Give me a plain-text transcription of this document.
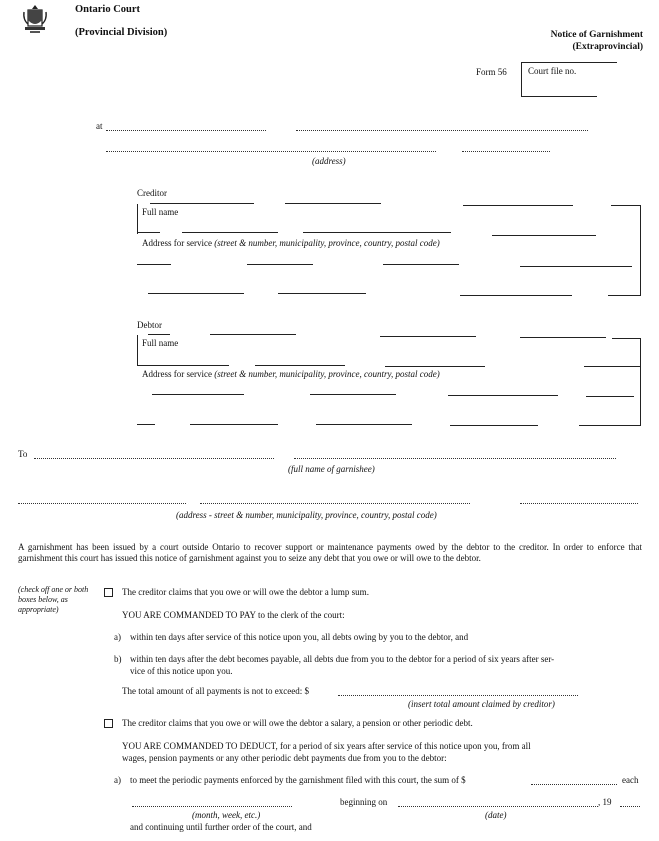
Ontario Court
(Provincial Division)	Notice of Garnishment
(Extraprovincial)
Form 56 Court file no.
at
(address)
Creditor
Full name
Address for service (street & number, municipality, province, country, postal code)
Debtor
Full name
Address for service (street & number, municipality, province, country, postal code)
To
(full name of garnishee)
(address - street & number, municipality, province, country, postal code)
A garnishment has been issued by a court outside Ontario to recover support or maintenance payments owed by the debtor to the creditor. In order to enforce that garnishment this court has issued this notice of garnishment against you to seize any debt that you owe or will owe to the debtor.
(check off one or both boxes below, as appropriate)
The creditor claims that you owe or will owe the debtor a lump sum.
YOU ARE COMMANDED TO PAY to the clerk of the court:
a) within ten days after service of this notice upon you, all debts owing by you to the debtor, and
b) within ten days after the debt becomes payable, all debts due from you to the debtor for a period of six years after ser-
vice of this notice upon you.
The total amount of all payments is not to exceed: $
(insert total amount claimed by creditor)
The creditor claims that you owe or will owe the debtor a salary, a pension or other periodic debt.
YOU ARE COMMANDED TO DEDUCT, for a period of six years after service of this notice upon you, from all
wages, pension payments or any other periodic debt payments due from you to the debtor:
a) to meet the periodic payments enforced by the garnishment filed with this court, the sum of $	each
beginning on	, 19
(month, week, etc.)	(date)
and continuing until further order of the court, and
